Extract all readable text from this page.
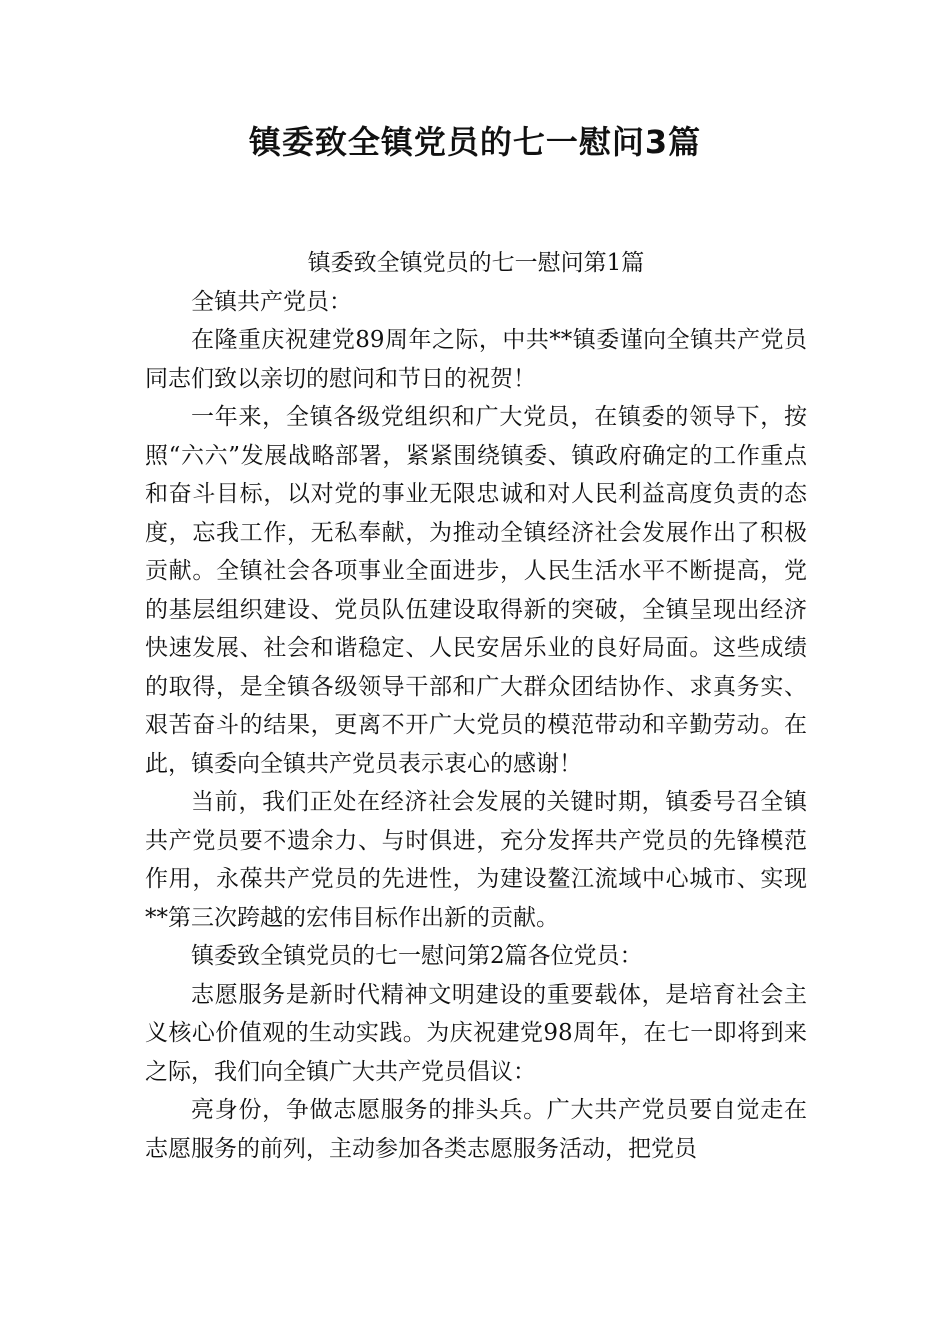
镇委致全镇党员的七一慰问3篇

镇委致全镇党员的七一慰问第1篇

全镇共产党员：

在隆重庆祝建党89周年之际，中共**镇委谨向全镇共产党员同志们致以亲切的慰问和节日的祝贺！

一年来，全镇各级党组织和广大党员，在镇委的领导下，按照“六六”发展战略部署，紧紧围绕镇委、镇政府确定的工作重点和奋斗目标，以对党的事业无限忠诚和对人民利益高度负责的态度，忘我工作，无私奉献，为推动全镇经济社会发展作出了积极贡献。全镇社会各项事业全面进步，人民生活水平不断提高，党的基层组织建设、党员队伍建设取得新的突破，全镇呈现出经济快速发展、社会和谐稳定、人民安居乐业的良好局面。这些成绩的取得，是全镇各级领导干部和广大群众团结协作、求真务实、艰苦奋斗的结果，更离不开广大党员的模范带动和辛勤劳动。在此，镇委向全镇共产党员表示衷心的感谢！

当前，我们正处在经济社会发展的关键时期，镇委号召全镇共产党员要不遗余力、与时俱进，充分发挥共产党员的先锋模范作用，永葆共产党员的先进性，为建设鳌江流域中心城市、实现**第三次跨越的宏伟目标作出新的贡献。

镇委致全镇党员的七一慰问第2篇各位党员：

志愿服务是新时代精神文明建设的重要载体，是培育社会主义核心价值观的生动实践。为庆祝建党98周年，在七一即将到来之际，我们向全镇广大共产党员倡议：

亮身份，争做志愿服务的排头兵。广大共产党员要自觉走在志愿服务的前列，主动参加各类志愿服务活动，把党员
